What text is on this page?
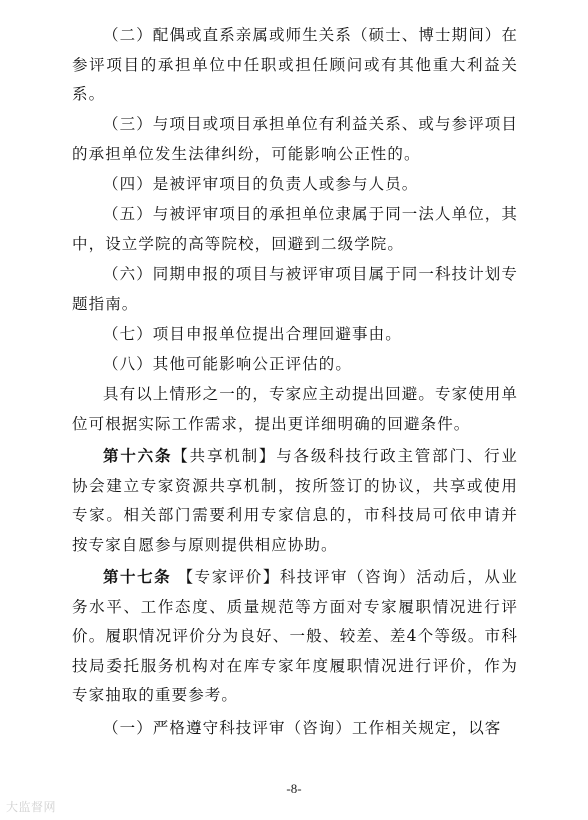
（二）配偶或直系亲属或师生关系（硕士、博士期间）在参评项目的承担单位中任职或担任顾问或有其他重大利益关系。

（三）与项目或项目承担单位有利益关系、或与参评项目的承担单位发生法律纠纷，可能影响公正性的。

（四）是被评审项目的负责人或参与人员。

（五）与被评审项目的承担单位隶属于同一法人单位，其中，设立学院的高等院校，回避到二级学院。

（六）同期申报的项目与被评审项目属于同一科技计划专题指南。

（七）项目申报单位提出合理回避事由。

（八）其他可能影响公正评估的。

具有以上情形之一的，专家应主动提出回避。专家使用单位可根据实际工作需求，提出更详细明确的回避条件。

第十六条【共享机制】与各级科技行政主管部门、行业协会建立专家资源共享机制，按所签订的协议，共享或使用专家。相关部门需要利用专家信息的，市科技局可依申请并按专家自愿参与原则提供相应协助。

第十七条 【专家评价】科技评审（咨询）活动后，从业务水平、工作态度、质量规范等方面对专家履职情况进行评价。履职情况评价分为良好、一般、较差、差4个等级。市科技局委托服务机构对在库专家年度履职情况进行评价，作为专家抽取的重要参考。

（一）严格遵守科技评审（咨询）工作相关规定，以客

-8-
大监督网
